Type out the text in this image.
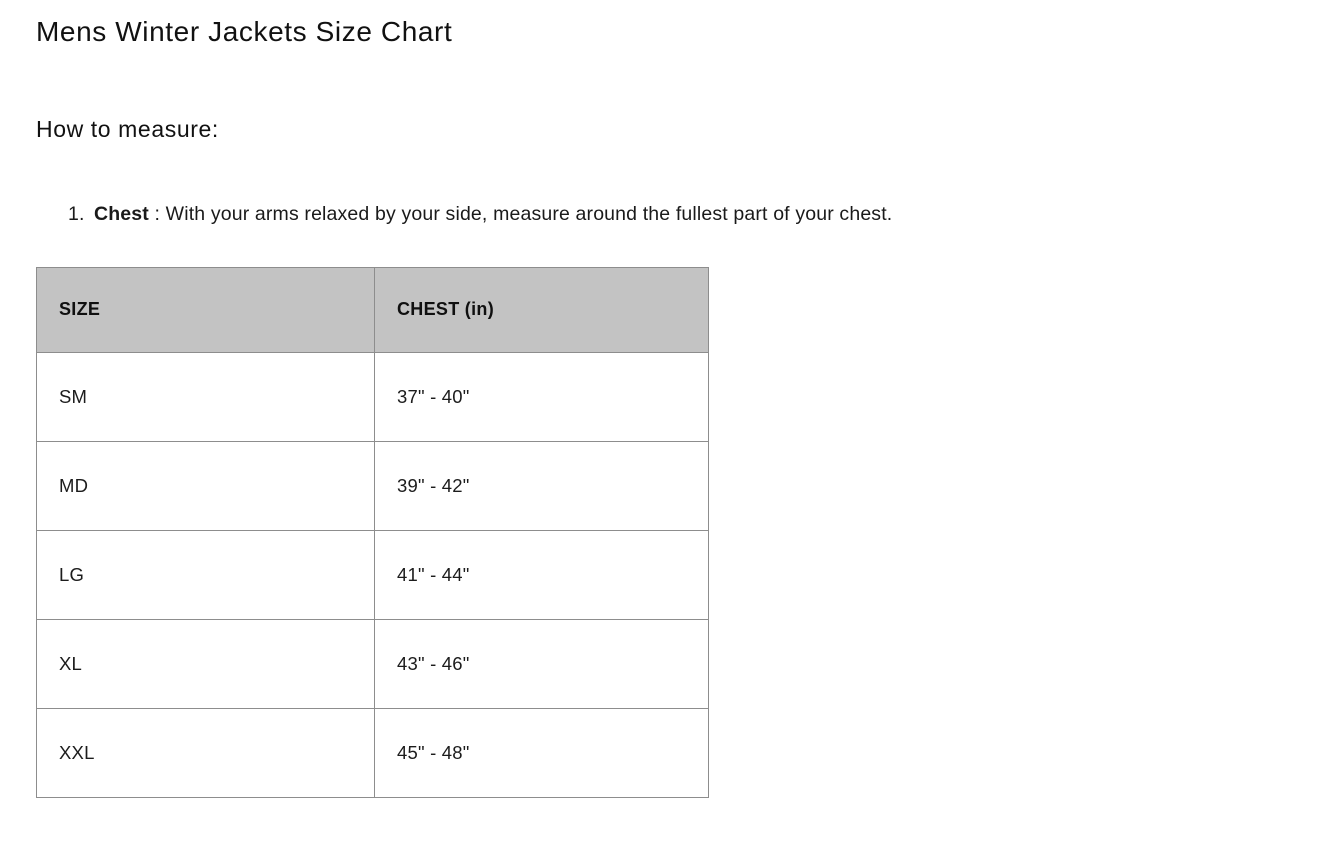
Mens Winter Jackets Size Chart
How to measure:
1. Chest : With your arms relaxed by your side, measure around the fullest part of your chest.
SIZE	CHEST (in)
SM	37" - 40"
MD	39" - 42"
LG	41" - 44"
XL	43" - 46"
XXL	45" - 48"
